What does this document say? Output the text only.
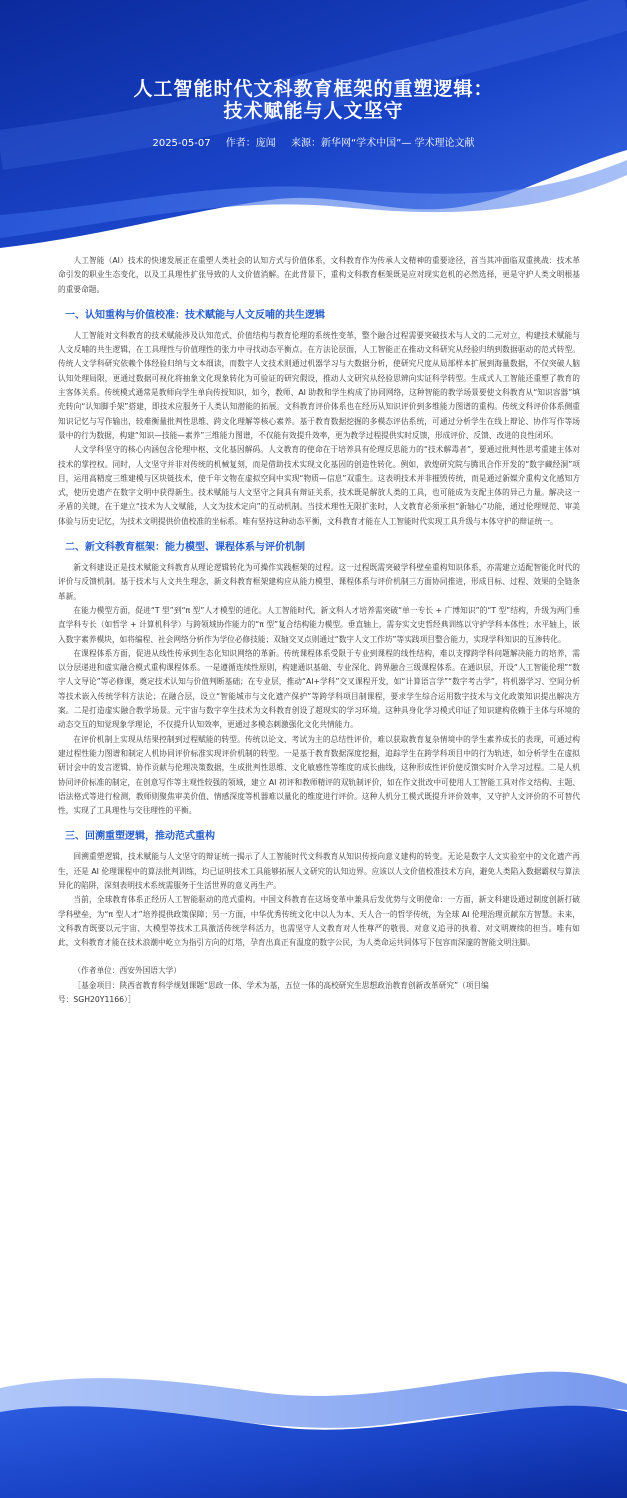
人工智能时代文科教育框架的重塑逻辑：
技术赋能与人文坚守
2025-05-07 作者：庞闻 来源：新华网“学术中国”— 学术理论文献

人工智能（AI）技术的快速发展正在重塑人类社会的认知方式与价值体系，文科教育作为传承人文精神的重要途径，首当其冲面临双重挑战：技术革命引发的职业生态变化，以及工具理性扩张导致的人文价值消解。在此背景下，重构文科教育框架既是应对现实危机的必然选择，更是守护人类文明根基的重要命题。

一、认知重构与价值校准：技术赋能与人文反哺的共生逻辑

人工智能对文科教育的技术赋能涉及认知范式、价值结构与教育伦理的系统性变革，整个融合过程需要突破技术与人文的二元对立，构建技术赋能与人文反哺的共生逻辑，在工具理性与价值理性的张力中寻找动态平衡点。在方法论层面，人工智能正在推动文科研究从经验归纳到数据驱动的范式转型。传统人文学科研究依赖个体经验归纳与文本细读，而数字人文技术则通过机器学习与大数据分析，使研究尺度从局部样本扩展到海量数据，不仅突破人脑认知处理局限，更通过数据可视化将抽象文化现象转化为可验证的研究假设，推动人文研究从经验思辨向实证科学转型。生成式人工智能还重塑了教育的主客体关系。传统模式通常是教师向学生单向传授知识，如今，教师、AI 助教和学生构成了协同网络，这种智能的教学场景要使文科教育从“知识容器”填充转向“认知脚手架”搭建，即技术应服务于人类认知潜能的拓展。文科教育评价体系也在经历从知识评价到多维能力图谱的重构。传统文科评价体系侧重知识记忆与写作输出，较难衡量批判性思维、跨文化理解等核心素养。基于教育数据挖掘的多模态评估系统，可通过分析学生在线上辩论、协作写作等场景中的行为数据，构建“知识—技能—素养”三维能力图谱，不仅能有效提升效率，更为教学过程提供实时反馈，形成评价、反馈、改进的良性闭环。

人文学科坚守的核心内涵包含伦理中枢、文化基因解码。人文教育的使命在于培养具有伦理反思能力的“技术解毒者”，要通过批判性思考重建主体对技术的掌控权。同时，人文坚守并非对传统的机械复刻，而是借助技术实现文化基因的创造性转化。例如，敦煌研究院与腾讯合作开发的“数字藏经洞”项目，运用高精度三维建模与区块链技术，使千年文物在虚拟空间中实现“物质—信息”双重生。这表明技术并非摧毁传统，而是通过新媒介重构文化感知方式，使历史遗产在数字文明中获得新生。技术赋能与人文坚守之间具有辩证关系，技术既是解放人类的工具，也可能成为支配主体的异己力量。解决这一矛盾的关键，在于建立“技术为人文赋能，人文为技术定向”的互动机制。当技术理性无限扩张时，人文教育必须承担“新轴心”功能，通过伦理规范、审美体验与历史记忆，为技术文明提供价值校准的坐标系。唯有坚持这种动态平衡，文科教育才能在人工智能时代实现工具升级与本体守护的辩证统一。

二、新文科教育框架：能力模型、课程体系与评价机制

新文科建设正是技术赋能文科教育从理论逻辑转化为可操作实践框架的过程。这一过程既需突破学科壁垒重构知识体系，亦需建立适配智能化时代的评价与反馈机制。基于技术与人文共生理念，新文科教育框架建构应从能力模型、课程体系与评价机制三方面协同推进，形成目标、过程、效果的全链条革新。

在能力模型方面，促进“T 型”到“π 型”人才模型的进化。人工智能时代，新文科人才培养需突破“单一专长 + 广博知识”的“T 型”结构，升级为两门垂直学科专长（如哲学 + 计算机科学）与跨领域协作能力的“π 型”复合结构能力模型。垂直轴上，需夯实文史哲经典训练以守护学科本体性；水平轴上，嵌入数字素养模块，如将编程、社会网络分析作为学位必修技能；双轴交叉点则通过“数字人文工作坊”等实践项目整合能力，实现学科知识的互渗转化。

在课程体系方面，促进从线性传承到生态化知识网络的革新。传统课程体系受限于专业到课程的线性结构，难以支撑跨学科问题解决能力的培养，需以分层递进和虚实融合模式重构课程体系。一是遵循连续性原则，构建通识基础、专业深化、跨界融合三级课程体系。在通识层，开设“人工智能伦理”“数字人文导论”等必修课，奠定技术认知与价值判断基础；在专业层，推动“AI+学科”交叉课程开发，如“计算语言学”“数字考古学”，将机器学习、空间分析等技术嵌入传统学科方法论；在融合层，设立“智能城市与文化遗产保护”等跨学科项目制课程，要求学生综合运用数字技术与文化政策知识提出解决方案。二是打造虚实融合教学场景。元宇宙与数字孪生技术为文科教育创设了超现实的学习环境。这种具身化学习模式印证了知识建构依赖于主体与环境的动态交互的知觉现象学理论，不仅提升认知效率，更通过多模态刺激强化文化共情能力。

在评价机制上实现从结果控制到过程赋能的转型。传统以论文、考试为主的总结性评价，难以获取教育复杂情境中的学生素养成长的表现，可通过构建过程性能力图谱和制定人机协同评价标准实现评价机制的转型。一是基于教育数据深度挖掘，追踪学生在跨学科项目中的行为轨迹，如分析学生在虚拟研讨会中的发言逻辑、协作贡献与伦理决策数据，生成批判性思维、文化敏感性等维度的成长曲线，这种形成性评价使反馈实时介入学习过程。二是人机协同评价标准的制定，在创意写作等主观性较强的领域，建立 AI 初评和教师精评的双轨制评价，如在作文批改中可使用人工智能工具对作文结构、主题、语法格式等进行检测，教师则聚焦审美价值、情感深度等机器难以量化的维度进行评价。这种人机分工模式既提升评价效率，又守护人文评价的不可替代性，实现了工具理性与交往理性的平衡。

三、回溯重塑逻辑，推动范式重构

回溯重塑逻辑，技术赋能与人文坚守的辩证统一揭示了人工智能时代文科教育从知识传授向意义建构的转变。无论是数字人文实验室中的文化遗产再生，还是 AI 伦理课程中的算法批判训练，均已证明技术工具能够拓展人文研究的认知边界。应该以人文价值校准技术方向，避免人类陷入数据霸权与算法异化的陷阱，深刻表明技术系统需服务于生活世界的意义再生产。

当前，全球教育体系正经历人工智能驱动的范式重构。中国文科教育在这场变革中兼具后发优势与文明使命：一方面，新文科建设通过制度创新打破学科壁垒，为“π 型人才”培养提供政策保障；另一方面，中华优秀传统文化中以人为本、天人合一的哲学传统，为全球 AI 伦理治理贡献东方智慧。未来，文科教育既要以元宇宙、大模型等技术工具激活传统学科活力，也需坚守人文教育对人性尊严的敬畏、对意义追寻的执着、对文明赓续的担当。唯有如此，文科教育才能在技术浪潮中屹立为指引方向的灯塔，孕育出真正有温度的数字公民，为人类命运共同体写下包容而深邃的智能文明注脚。

（作者单位：西安外国语大学）

［基金项目：陕西省教育科学规划课题“思政一体、学术为基，五位一体的高校研究生思想政治教育创新改革研究”（项目编

号：SGH20Y1166）］
